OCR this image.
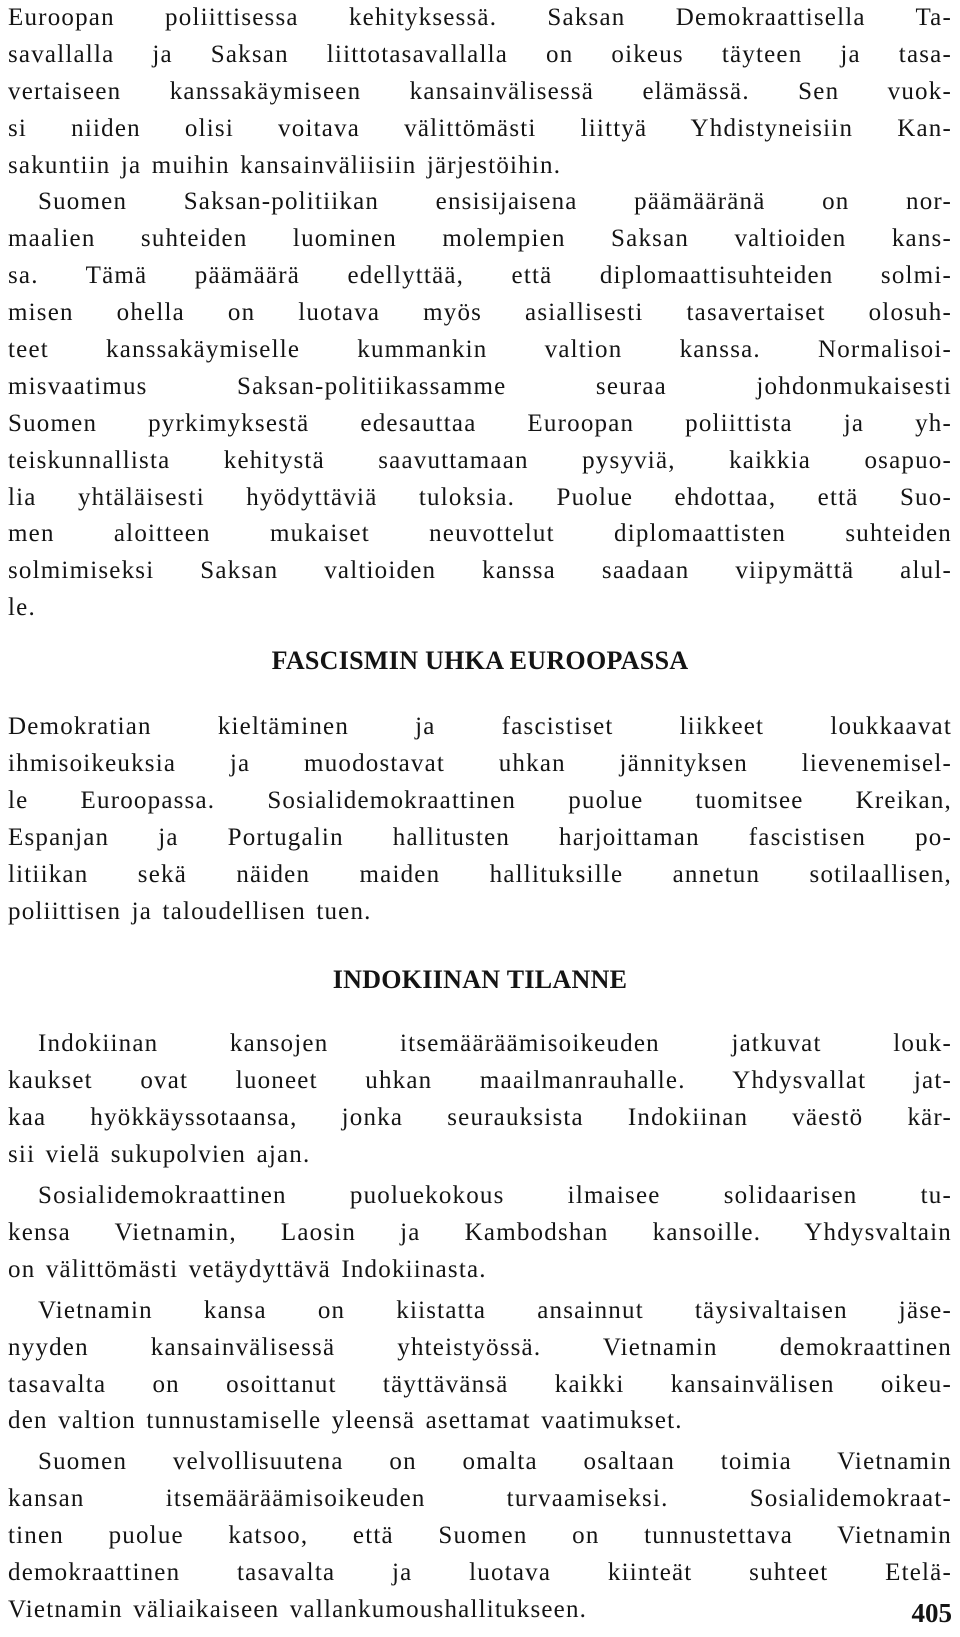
Euroopan poliittisessa kehityksessä. Saksan Demokraattisella Ta-
savallalla ja Saksan liittotasavallalla on oikeus täyteen ja tasa-
vertaiseen kanssakäymiseen kansainvälisessä elämässä. Sen vuok-
si niiden olisi voitava välittömästi liittyä Yhdistyneisiin Kan-
sakuntiin ja muihin kansainväliisiin järjestöihin.
Suomen Saksan-politiikan ensisijaisena päämääränä on nor-
maalien suhteiden luominen molempien Saksan valtioiden kans-
sa. Tämä päämäärä edellyttää, että diplomaattisuhteiden solmi-
misen ohella on luotava myös asiallisesti tasavertaiset olosuh-
teet kanssakäymiselle kummankin valtion kanssa. Normalisoi-
misvaatimus Saksan-politiikassamme seuraa johdonmukaisesti
Suomen pyrkimyksestä edesauttaa Euroopan poliittista ja yh-
teiskunnallista kehitystä saavuttamaan pysyviä, kaikkia osapuo-
lia yhtäläisesti hyödyttäviä tuloksia. Puolue ehdottaa, että Suo-
men aloitteen mukaiset neuvottelut diplomaattisten suhteiden
solmimiseksi Saksan valtioiden kanssa saadaan viipymättä alul-
le.
FASCISMIN UHKA EUROOPASSA
Demokratian kieltäminen ja fascistiset liikkeet loukkaavat
ihmisoikeuksia ja muodostavat uhkan jännityksen lievenemisel-
le Euroopassa. Sosialidemokraattinen puolue tuomitsee Kreikan,
Espanjan ja Portugalin hallitusten harjoittaman fascistisen po-
litiikan sekä näiden maiden hallituksille annetun sotilaallisen,
poliittisen ja taloudellisen tuen.
INDOKIINAN TILANNE
Indokiinan kansojen itsemääräämisoikeuden jatkuvat louk-
kaukset ovat luoneet uhkan maailmanrauhalle. Yhdysvallat jat-
kaa hyökkäyssotaansa, jonka seurauksista Indokiinan väestö kär-
sii vielä sukupolvien ajan.
Sosialidemokraattinen puoluekokous ilmaisee solidaarisen tu-
kensa Vietnamin, Laosin ja Kambodshan kansoille. Yhdysvaltain
on välittömästi vetäydyttävä Indokiinasta.
Vietnamin kansa on kiistatta ansainnut täysivaltaisen jäse-
nyyden kansainvälisessä yhteistyössä. Vietnamin demokraattinen
tasavalta on osoittanut täyttävänsä kaikki kansainvälisen oikeu-
den valtion tunnustamiselle yleensä asettamat vaatimukset.
Suomen velvollisuutena on omalta osaltaan toimia Vietnamin
kansan itsemääräämisoikeuden turvaamiseksi. Sosialidemokraat-
tinen puolue katsoo, että Suomen on tunnustettava Vietnamin
demokraattinen tasavalta ja luotava kiinteät suhteet Etelä-
Vietnamin väliaikaiseen vallankumoushallitukseen.	405
